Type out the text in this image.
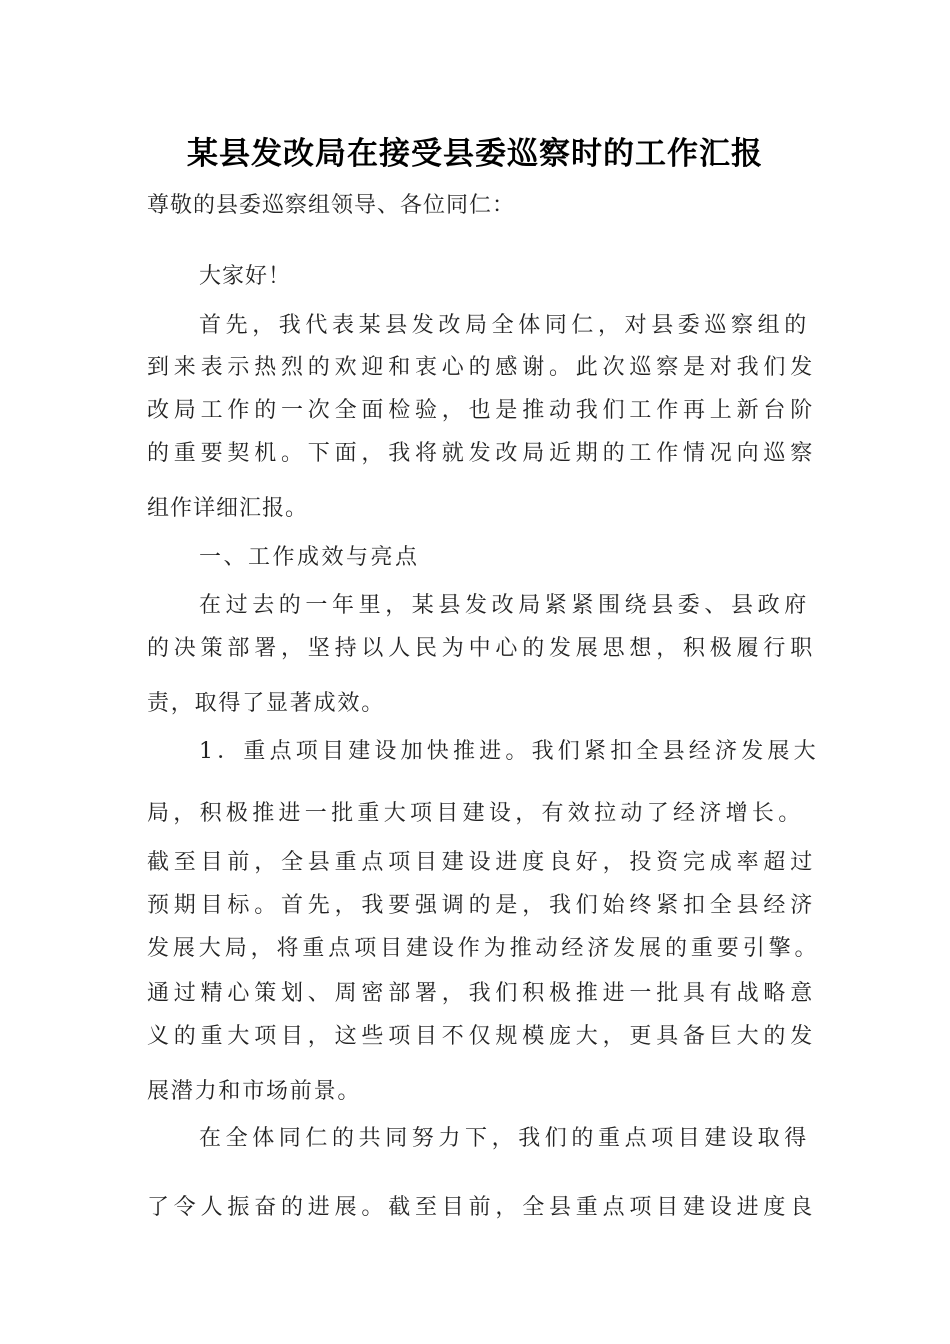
某县发改局在接受县委巡察时的工作汇报
尊敬的县委巡察组领导、各位同仁：
大家好！
首先，我代表某县发改局全体同仁，对县委巡察组的
到来表示热烈的欢迎和衷心的感谢。此次巡察是对我们发
改局工作的一次全面检验，也是推动我们工作再上新台阶
的重要契机。下面，我将就发改局近期的工作情况向巡察
组作详细汇报。
一、工作成效与亮点
在过去的一年里，某县发改局紧紧围绕县委、县政府
的决策部署，坚持以人民为中心的发展思想，积极履行职
责，取得了显著成效。
1．重点项目建设加快推进。我们紧扣全县经济发展大
局，积极推进一批重大项目建设，有效拉动了经济增长。
截至目前，全县重点项目建设进度良好，投资完成率超过
预期目标。首先，我要强调的是，我们始终紧扣全县经济
发展大局，将重点项目建设作为推动经济发展的重要引擎。
通过精心策划、周密部署，我们积极推进一批具有战略意
义的重大项目，这些项目不仅规模庞大，更具备巨大的发
展潜力和市场前景。
在全体同仁的共同努力下，我们的重点项目建设取得
了令人振奋的进展。截至目前，全县重点项目建设进度良
